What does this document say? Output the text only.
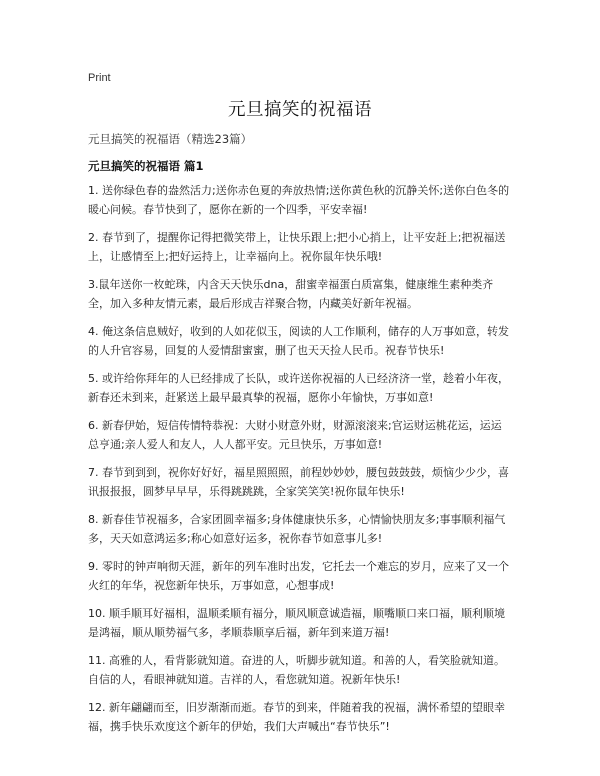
Print
元旦搞笑的祝福语
元旦搞笑的祝福语（精选23篇）
元旦搞笑的祝福语 篇1

1. 送你绿色春的盎然活力;送你赤色夏的奔放热情;送你黄色秋的沉静关怀;送你白色冬的暖心问候。春节快到了，愿你在新的一个四季，平安幸福!

2. 春节到了，提醒你记得把微笑带上，让快乐跟上;把小心捎上，让平安赶上;把祝福送上，让感情至上;把好运持上，让幸福向上。祝你鼠年快乐哦!

3.鼠年送你一枚蛇珠，内含天天快乐dna，甜蜜幸福蛋白质富集，健康维生素种类齐全，加入多种友情元素，最后形成吉祥聚合物，内藏美好新年祝福。

4. 俺这条信息贼好，收到的人如花似玉，阅读的人工作顺利，储存的人万事如意，转发的人升官容易，回复的人爱情甜蜜蜜，删了也天天捡人民币。祝春节快乐!

5. 或许给你拜年的人已经排成了长队，或许送你祝福的人已经济济一堂，趁着小年夜，新春还未到来，赶紧送上最早最真挚的祝福，愿你小年愉快，万事如意!

6. 新春伊始，短信传情特恭祝：大财小财意外财，财源滚滚来;官运财运桃花运，运运总亨通;亲人爱人和友人，人人都平安。元旦快乐，万事如意!

7. 春节到到到，祝你好好好，福星照照照，前程妙妙妙，腰包鼓鼓鼓，烦恼少少少，喜讯报报报，圆梦早早早，乐得跳跳跳，全家笑笑笑!祝你鼠年快乐!

8. 新春佳节祝福多，合家团圆幸福多;身体健康快乐多，心情愉快朋友多;事事顺利福气多，天天如意鸿运多;称心如意好运多，祝你春节如意事儿多!

9. 零时的钟声响彻天涯，新年的列车准时出发，它托去一个难忘的岁月，应来了又一个火红的年华，祝您新年快乐，万事如意，心想事成!

10. 顺手顺耳好福相，温顺柔顺有福分，顺风顺意诚造福，顺嘴顺口来口福，顺利顺境是鸿福，顺从顺势福气多，孝顺恭顺享后福，新年到来道万福!

11. 高雅的人，看背影就知道。奋进的人，听脚步就知道。和善的人，看笑脸就知道。自信的人，看眼神就知道。吉祥的人，看您就知道。祝新年快乐!

12. 新年翩翩而至，旧岁渐渐而逝。春节的到来，伴随着我的祝福，满怀希望的望眼幸福，携手快乐欢度这个新年的伊始，我们大声喊出“春节快乐”!
